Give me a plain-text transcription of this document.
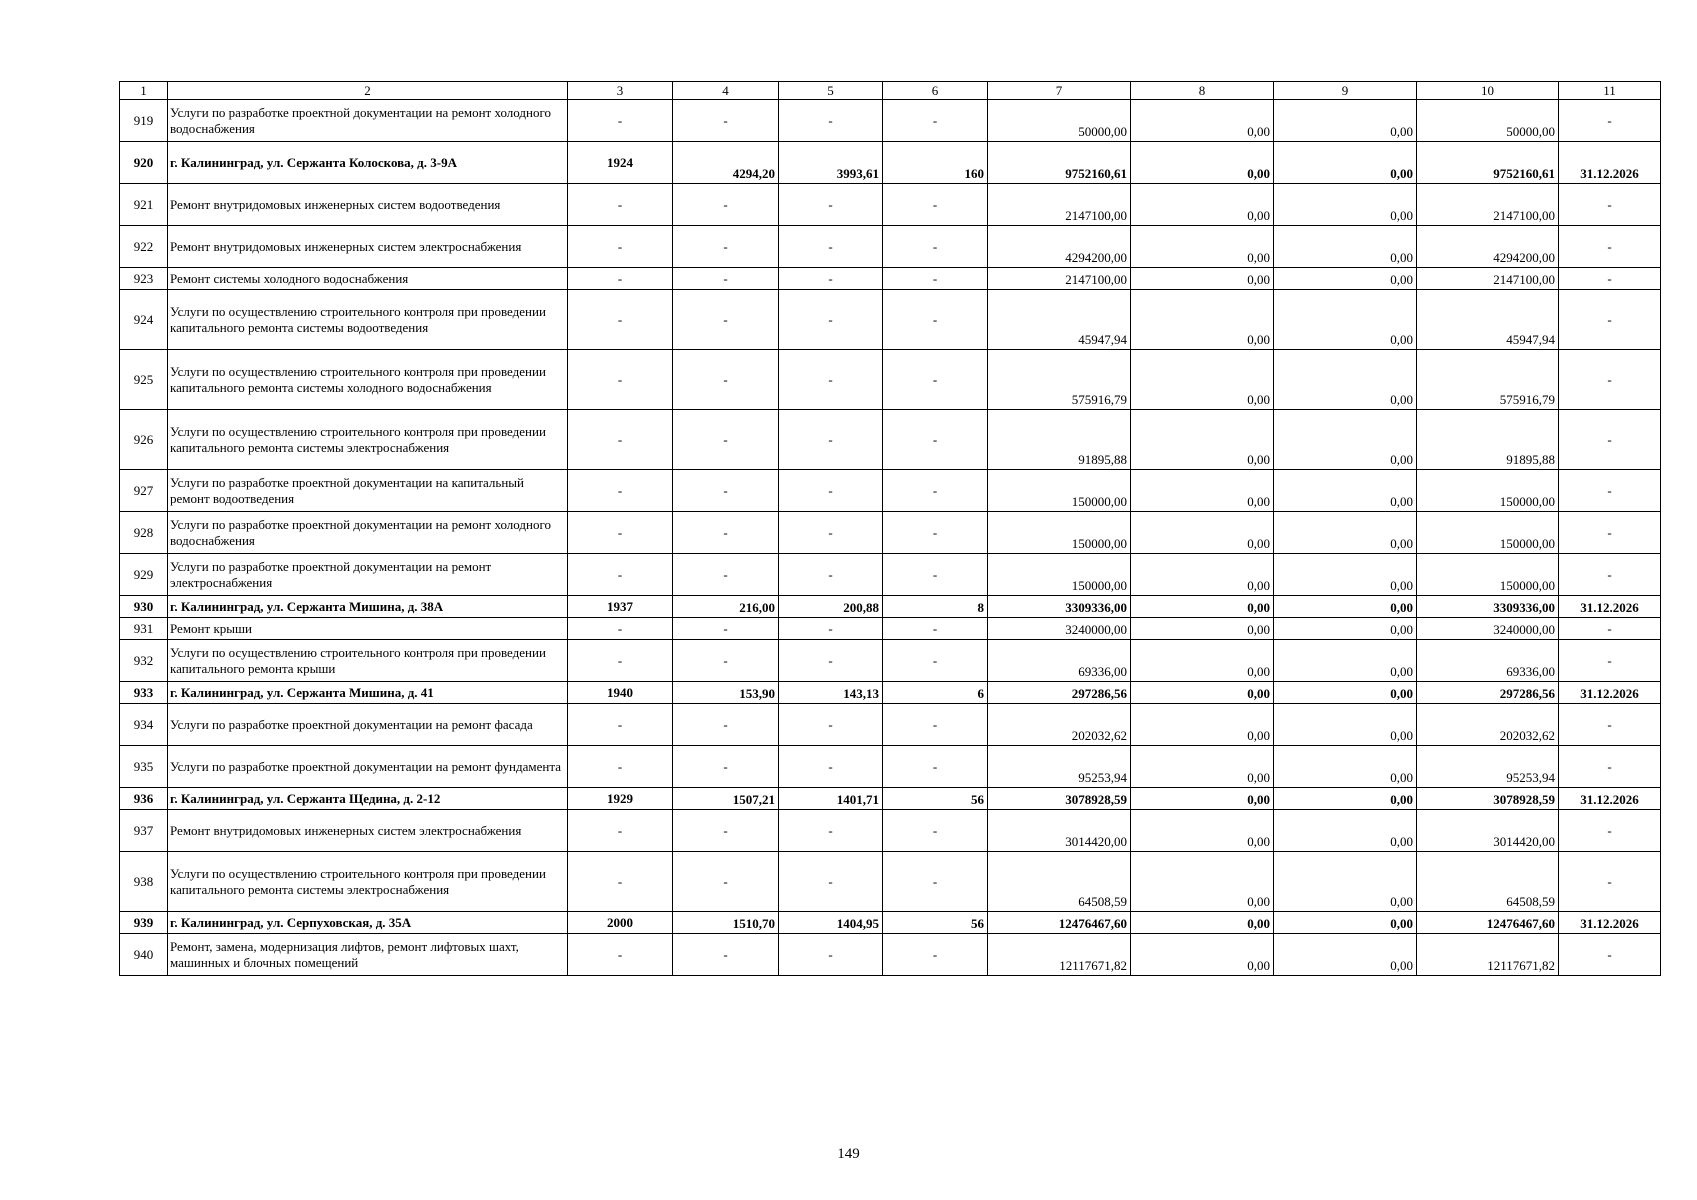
1	2	3	4	5	6	7	8	9	10	11
919	Услуги по разработке проектной документации на ремонт холодного водоснабжения	-	-	-	-	50000,00	0,00	0,00	50000,00	-
920	г. Калининград, ул. Сержанта Колоскова, д. 3-9А	1924	4294,20	3993,61	160	9752160,61	0,00	0,00	9752160,61	31.12.2026
921	Ремонт внутридомовых инженерных систем водоотведения	-	-	-	-	2147100,00	0,00	0,00	2147100,00	-
922	Ремонт внутридомовых инженерных систем электроснабжения	-	-	-	-	4294200,00	0,00	0,00	4294200,00	-
923	Ремонт системы холодного водоснабжения	-	-	-	-	2147100,00	0,00	0,00	2147100,00	-
924	Услуги по осуществлению строительного контроля при проведении капитального ремонта системы водоотведения	-	-	-	-	45947,94	0,00	0,00	45947,94	-
925	Услуги по осуществлению строительного контроля при проведении капитального ремонта системы холодного водоснабжения	-	-	-	-	575916,79	0,00	0,00	575916,79	-
926	Услуги по осуществлению строительного контроля при проведении капитального ремонта системы электроснабжения	-	-	-	-	91895,88	0,00	0,00	91895,88	-
927	Услуги по разработке проектной документации на капитальный ремонт водоотведения	-	-	-	-	150000,00	0,00	0,00	150000,00	-
928	Услуги по разработке проектной документации на ремонт холодного водоснабжения	-	-	-	-	150000,00	0,00	0,00	150000,00	-
929	Услуги по разработке проектной документации на ремонт электроснабжения	-	-	-	-	150000,00	0,00	0,00	150000,00	-
930	г. Калининград, ул. Сержанта Мишина, д. 38А	1937	216,00	200,88	8	3309336,00	0,00	0,00	3309336,00	31.12.2026
931	Ремонт крыши	-	-	-	-	3240000,00	0,00	0,00	3240000,00	-
932	Услуги по осуществлению строительного контроля при проведении капитального ремонта крыши	-	-	-	-	69336,00	0,00	0,00	69336,00	-
933	г. Калининград, ул. Сержанта Мишина, д. 41	1940	153,90	143,13	6	297286,56	0,00	0,00	297286,56	31.12.2026
934	Услуги по разработке проектной документации на ремонт фасада	-	-	-	-	202032,62	0,00	0,00	202032,62	-
935	Услуги по разработке проектной документации на ремонт фундамента	-	-	-	-	95253,94	0,00	0,00	95253,94	-
936	г. Калининград, ул. Сержанта Щедина, д. 2-12	1929	1507,21	1401,71	56	3078928,59	0,00	0,00	3078928,59	31.12.2026
937	Ремонт внутридомовых инженерных систем электроснабжения	-	-	-	-	3014420,00	0,00	0,00	3014420,00	-
938	Услуги по осуществлению строительного контроля при проведении капитального ремонта системы электроснабжения	-	-	-	-	64508,59	0,00	0,00	64508,59	-
939	г. Калининград, ул. Серпуховская, д. 35А	2000	1510,70	1404,95	56	12476467,60	0,00	0,00	12476467,60	31.12.2026
940	Ремонт, замена, модернизация лифтов, ремонт лифтовых шахт, машинных и блочных помещений	-	-	-	-	12117671,82	0,00	0,00	12117671,82	-
149
